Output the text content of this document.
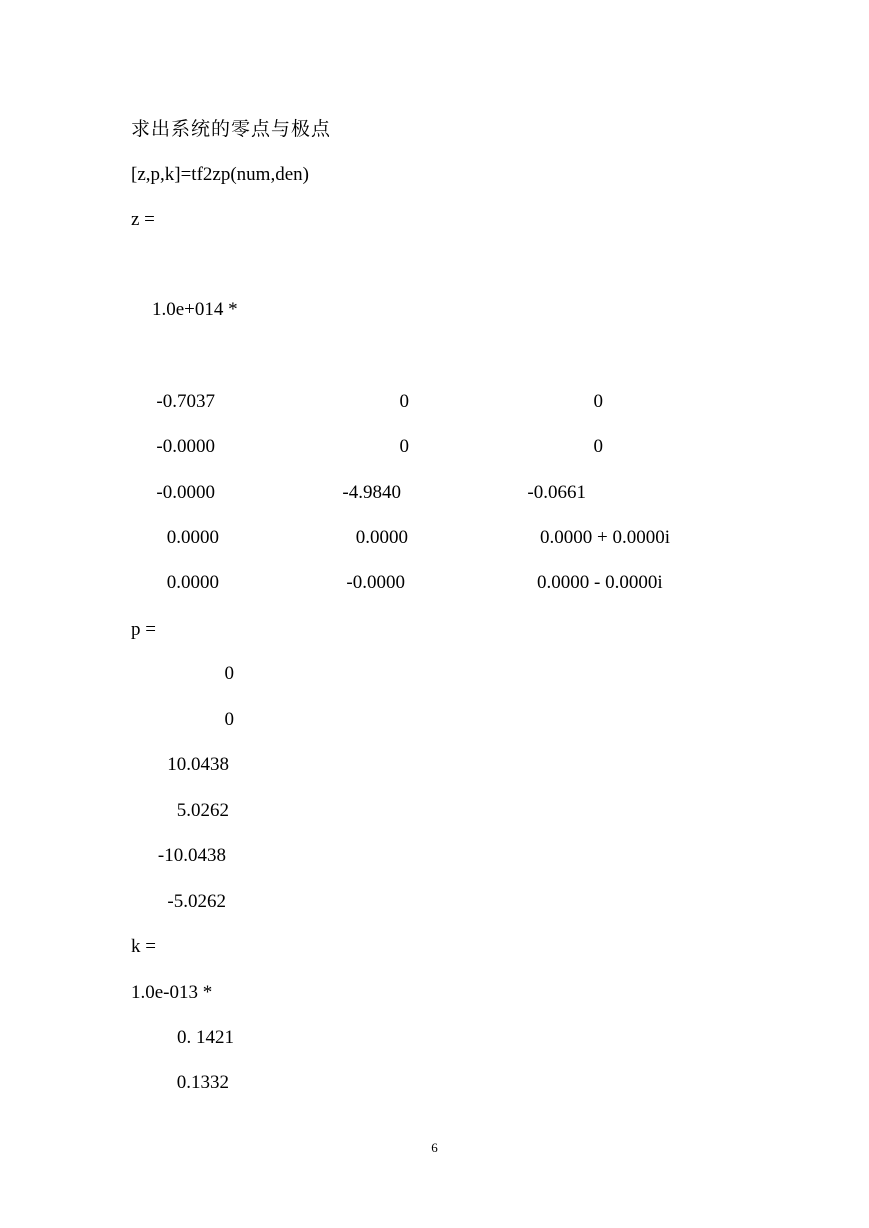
求出系统的零点与极点
[z,p,k]=tf2zp(num,den)
z =
1.0e+014 *
-0.7037	0	0
-0.0000	0	0
-0.0000	-4.9840	-0.0661
0.0000	0.0000	0.0000 + 0.0000i
0.0000	-0.0000	0.0000 - 0.0000i
p =
0
0
10.0438
5.0262
-10.0438
-5.0262
k =
1.0e-013 *
0. 1421
0.1332
6
